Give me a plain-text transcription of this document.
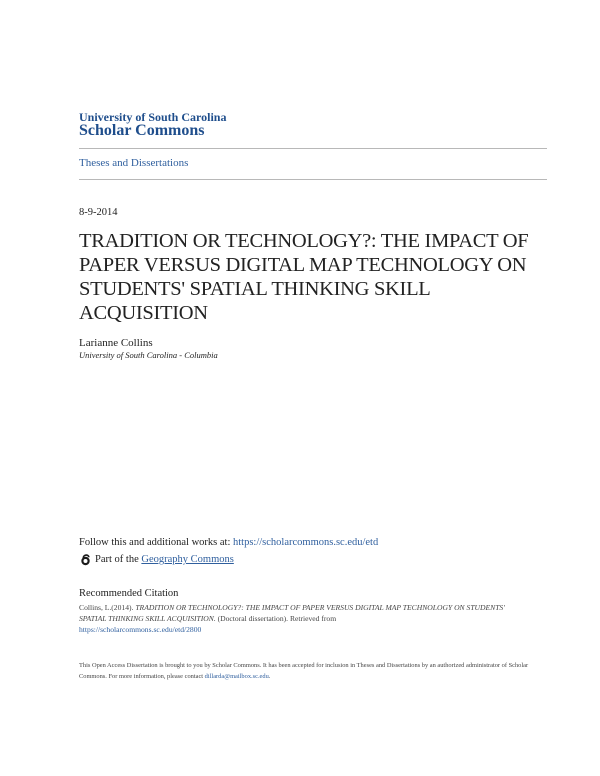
University of South Carolina
Scholar Commons
Theses and Dissertations
8-9-2014
TRADITION OR TECHNOLOGY?: THE IMPACT OF PAPER VERSUS DIGITAL MAP TECHNOLOGY ON STUDENTS' SPATIAL THINKING SKILL ACQUISITION
Larianne Collins
University of South Carolina - Columbia
Follow this and additional works at: https://scholarcommons.sc.edu/etd
Part of the
Geography Commons
Recommended Citation
Collins, L.(2014). TRADITION OR TECHNOLOGY?: THE IMPACT OF PAPER VERSUS DIGITAL MAP TECHNOLOGY ON STUDENTS' SPATIAL THINKING SKILL ACQUISITION. (Doctoral dissertation). Retrieved from
https://scholarcommons.sc.edu/etd/2800
This Open Access Dissertation is brought to you by Scholar Commons. It has been accepted for inclusion in Theses and Dissertations by an authorized administrator of Scholar Commons. For more information, please contact dillarda@mailbox.sc.edu.
